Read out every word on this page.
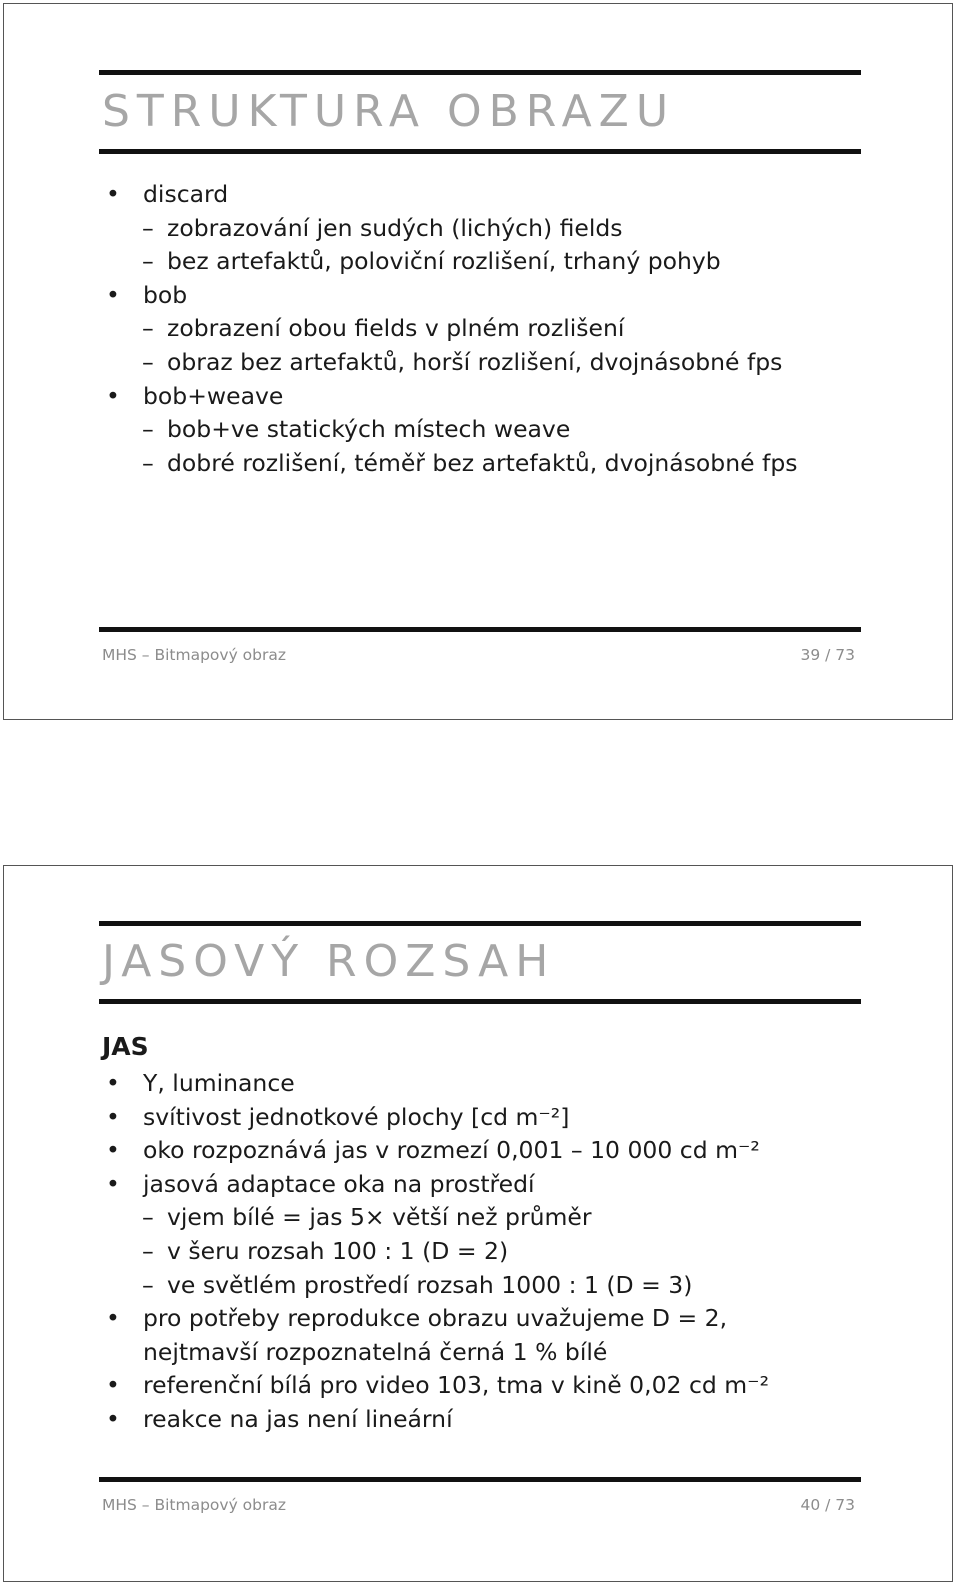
STRUKTURA OBRAZU
• discard
– zobrazování jen sudých (lichých) fields
– bez artefaktů, poloviční rozlišení, trhaný pohyb
• bob
– zobrazení obou fields v plném rozlišení
– obraz bez artefaktů, horší rozlišení, dvojnásobné fps
• bob+weave
– bob+ve statických místech weave
– dobré rozlišení, téměř bez artefaktů, dvojnásobné fps
MHS – Bitmapový obraz	39 / 73
JASOVÝ ROZSAH
JAS
• Y, luminance
• svítivost jednotkové plochy [cd m⁻²]
• oko rozpoznává jas v rozmezí 0,001 – 10 000 cd m⁻²
• jasová adaptace oka na prostředí
– vjem bílé = jas 5× větší než průměr
– v šeru rozsah 100 : 1 (D = 2)
– ve světlém prostředí rozsah 1000 : 1 (D = 3)
• pro potřeby reprodukce obrazu uvažujeme D = 2,
nejtmavší rozpoznatelná černá 1 % bílé
• referenční bílá pro video 103, tma v kině 0,02 cd m⁻²
• reakce na jas není lineární
MHS – Bitmapový obraz	40 / 73
